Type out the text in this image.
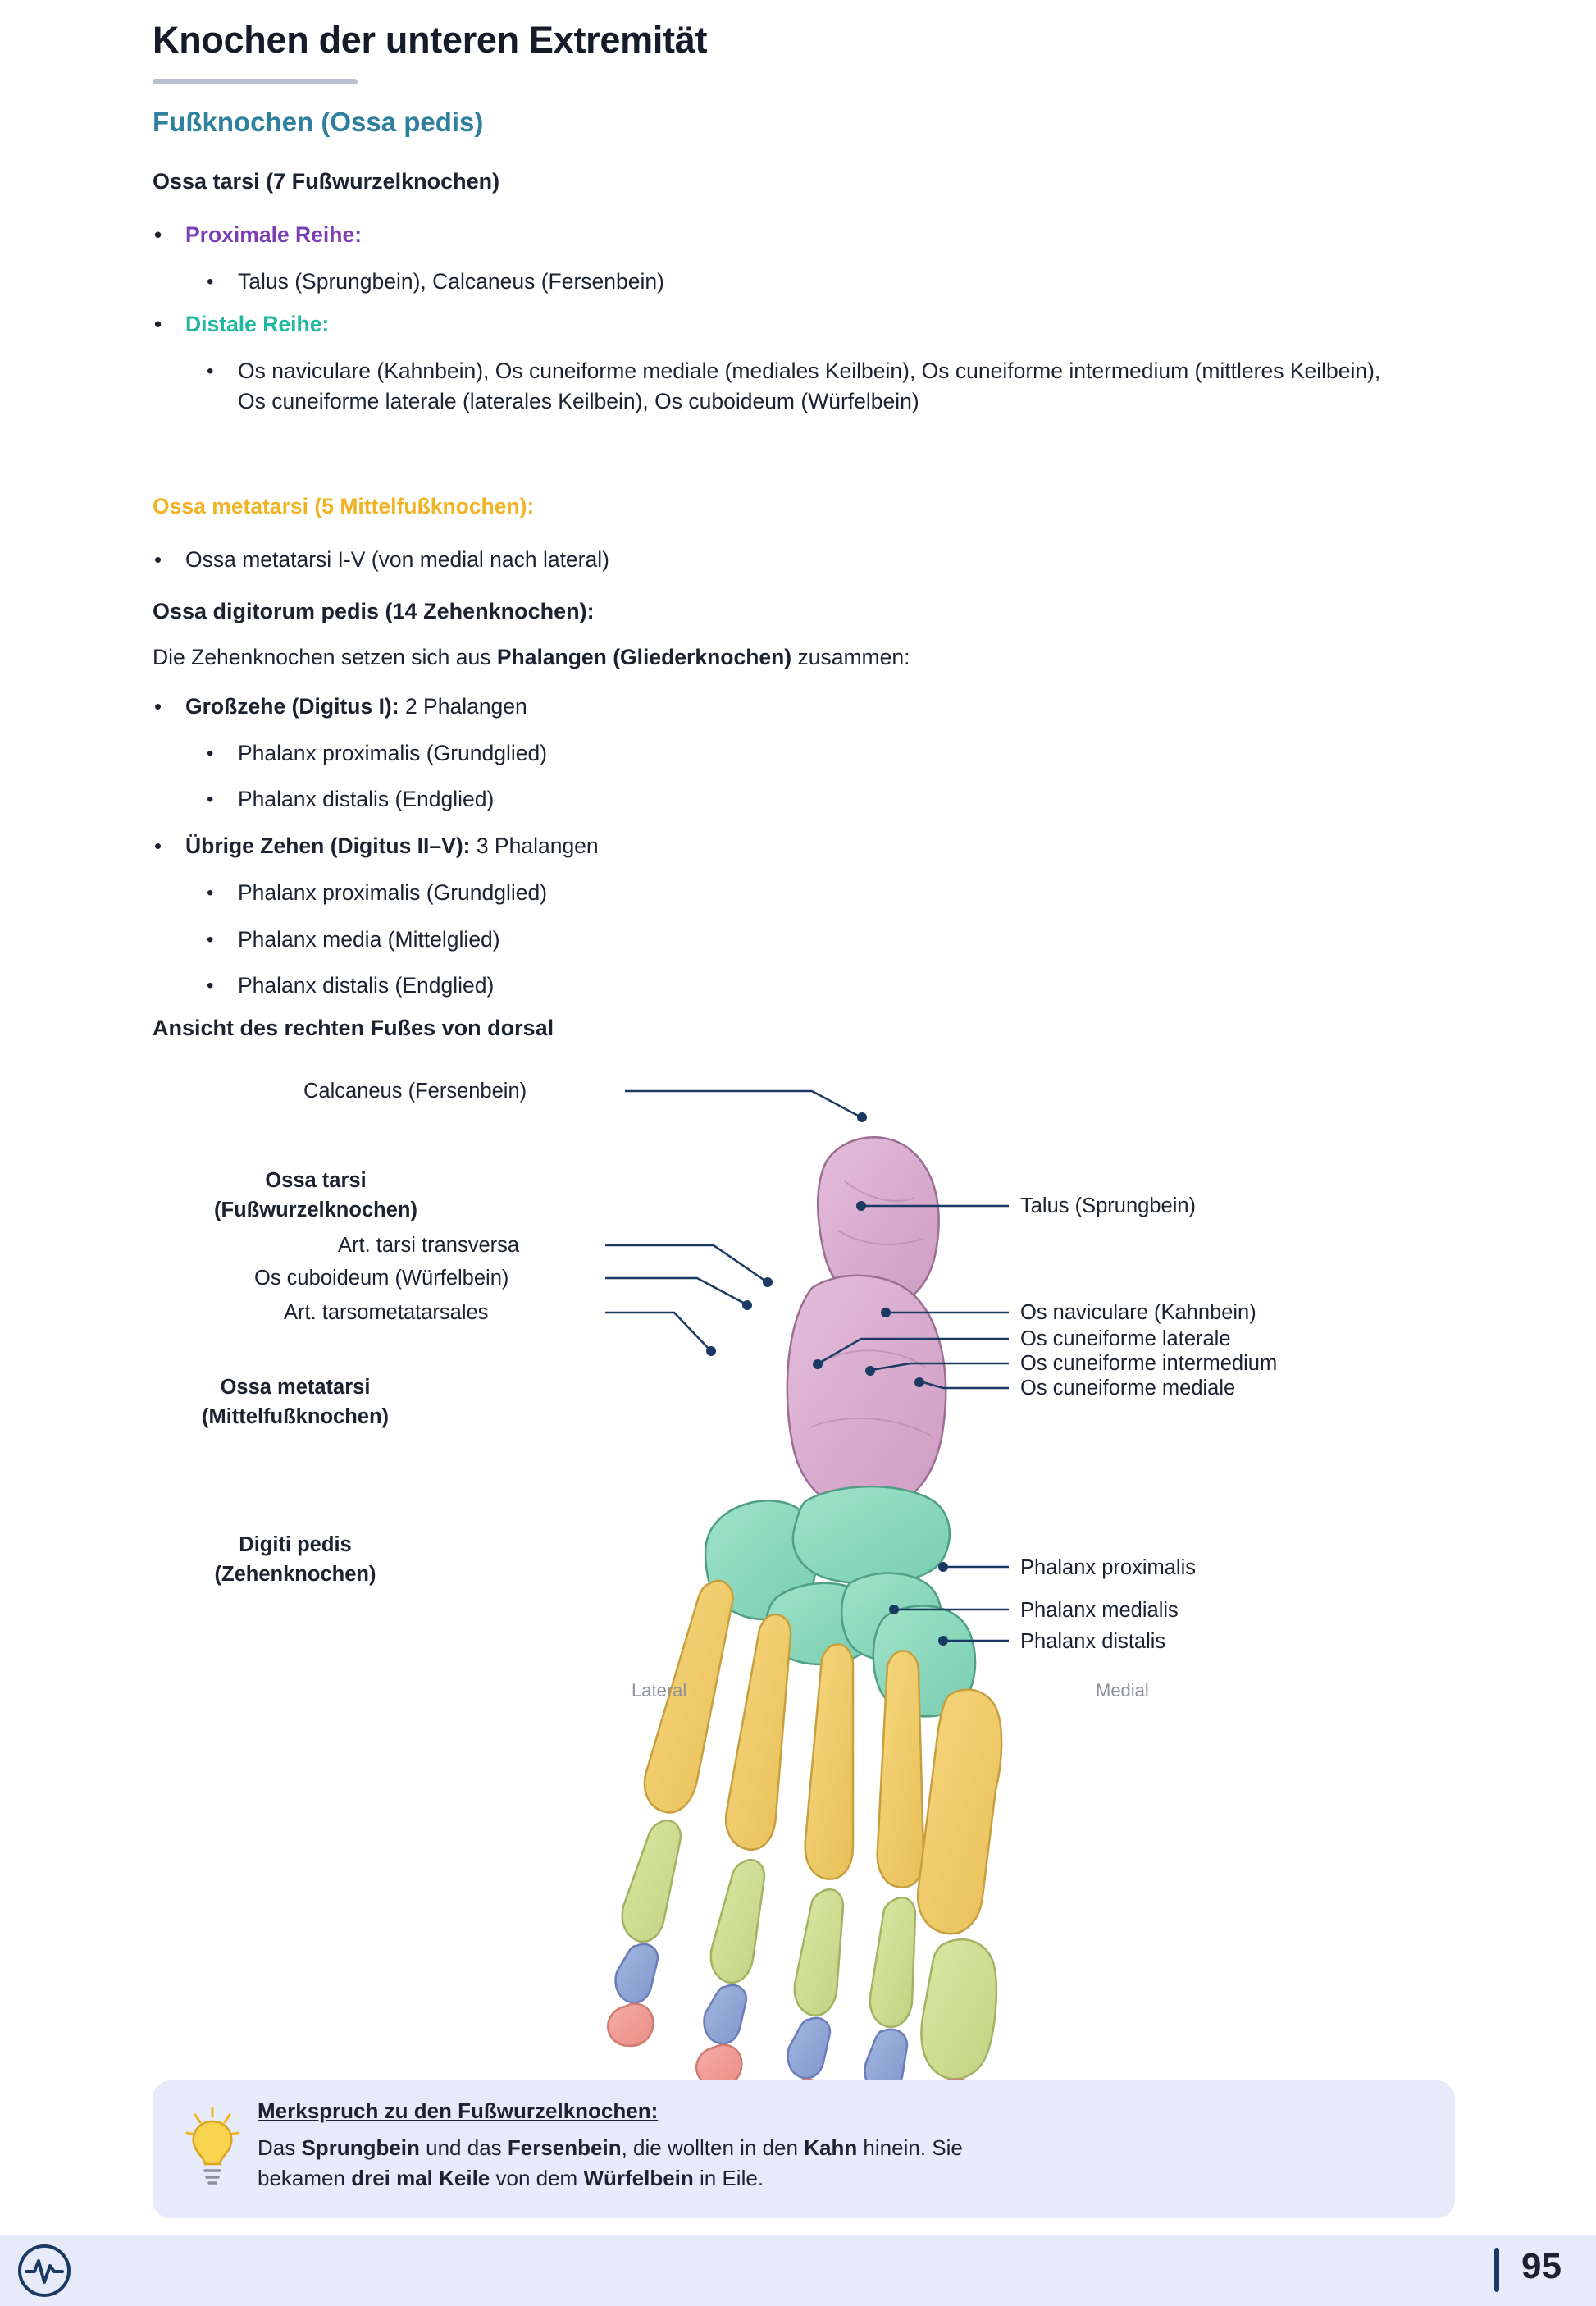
Knochen der unteren Extremität
Fußknochen (Ossa pedis)
Ossa tarsi (7 Fußwurzelknochen)
• Proximale Reihe:
• Talus (Sprungbein), Calcaneus (Fersenbein)
• Distale Reihe:
• Os naviculare (Kahnbein), Os cuneiforme mediale (mediales Keilbein), Os cuneiforme intermedium (mittleres Keilbein), Os cuneiforme laterale (laterales Keilbein), Os cuboideum (Würfelbein)
Ossa metatarsi (5 Mittelfußknochen):
• Ossa metatarsi I-V (von medial nach lateral)
Ossa digitorum pedis (14 Zehenknochen):
Die Zehenknochen setzen sich aus Phalangen (Gliederknochen) zusammen:
• Großzehe (Digitus I): 2 Phalangen
• Phalanx proximalis (Grundglied)
• Phalanx distalis (Endglied)
• Übrige Zehen (Digitus II–V): 3 Phalangen
• Phalanx proximalis (Grundglied)
• Phalanx media (Mittelglied)
• Phalanx distalis (Endglied)
Ansicht des rechten Fußes von dorsal
Calcaneus (Fersenbein)
Talus (Sprungbein)
Ossa tarsi
(Fußwurzelknochen)
Art. tarsi transversa
Os cuboideum (Würfelbein)
Art. tarsometatarsales	Os naviculare (Kahnbein)
Os cuneiforme laterale
Os cuneiforme intermedium
Os cuneiforme mediale
Ossa metatarsi
(Mittelfußknochen)
Digiti pedis
(Zehenknochen)	Phalanx proximalis
Phalanx medialis
Phalanx distalis
Lateral	Medial
Merkspruch zu den Fußwurzelknochen:
Das Sprungbein und das Fersenbein, die wollten in den Kahn hinein. Sie
bekamen drei mal Keile von dem Würfelbein in Eile.
95
